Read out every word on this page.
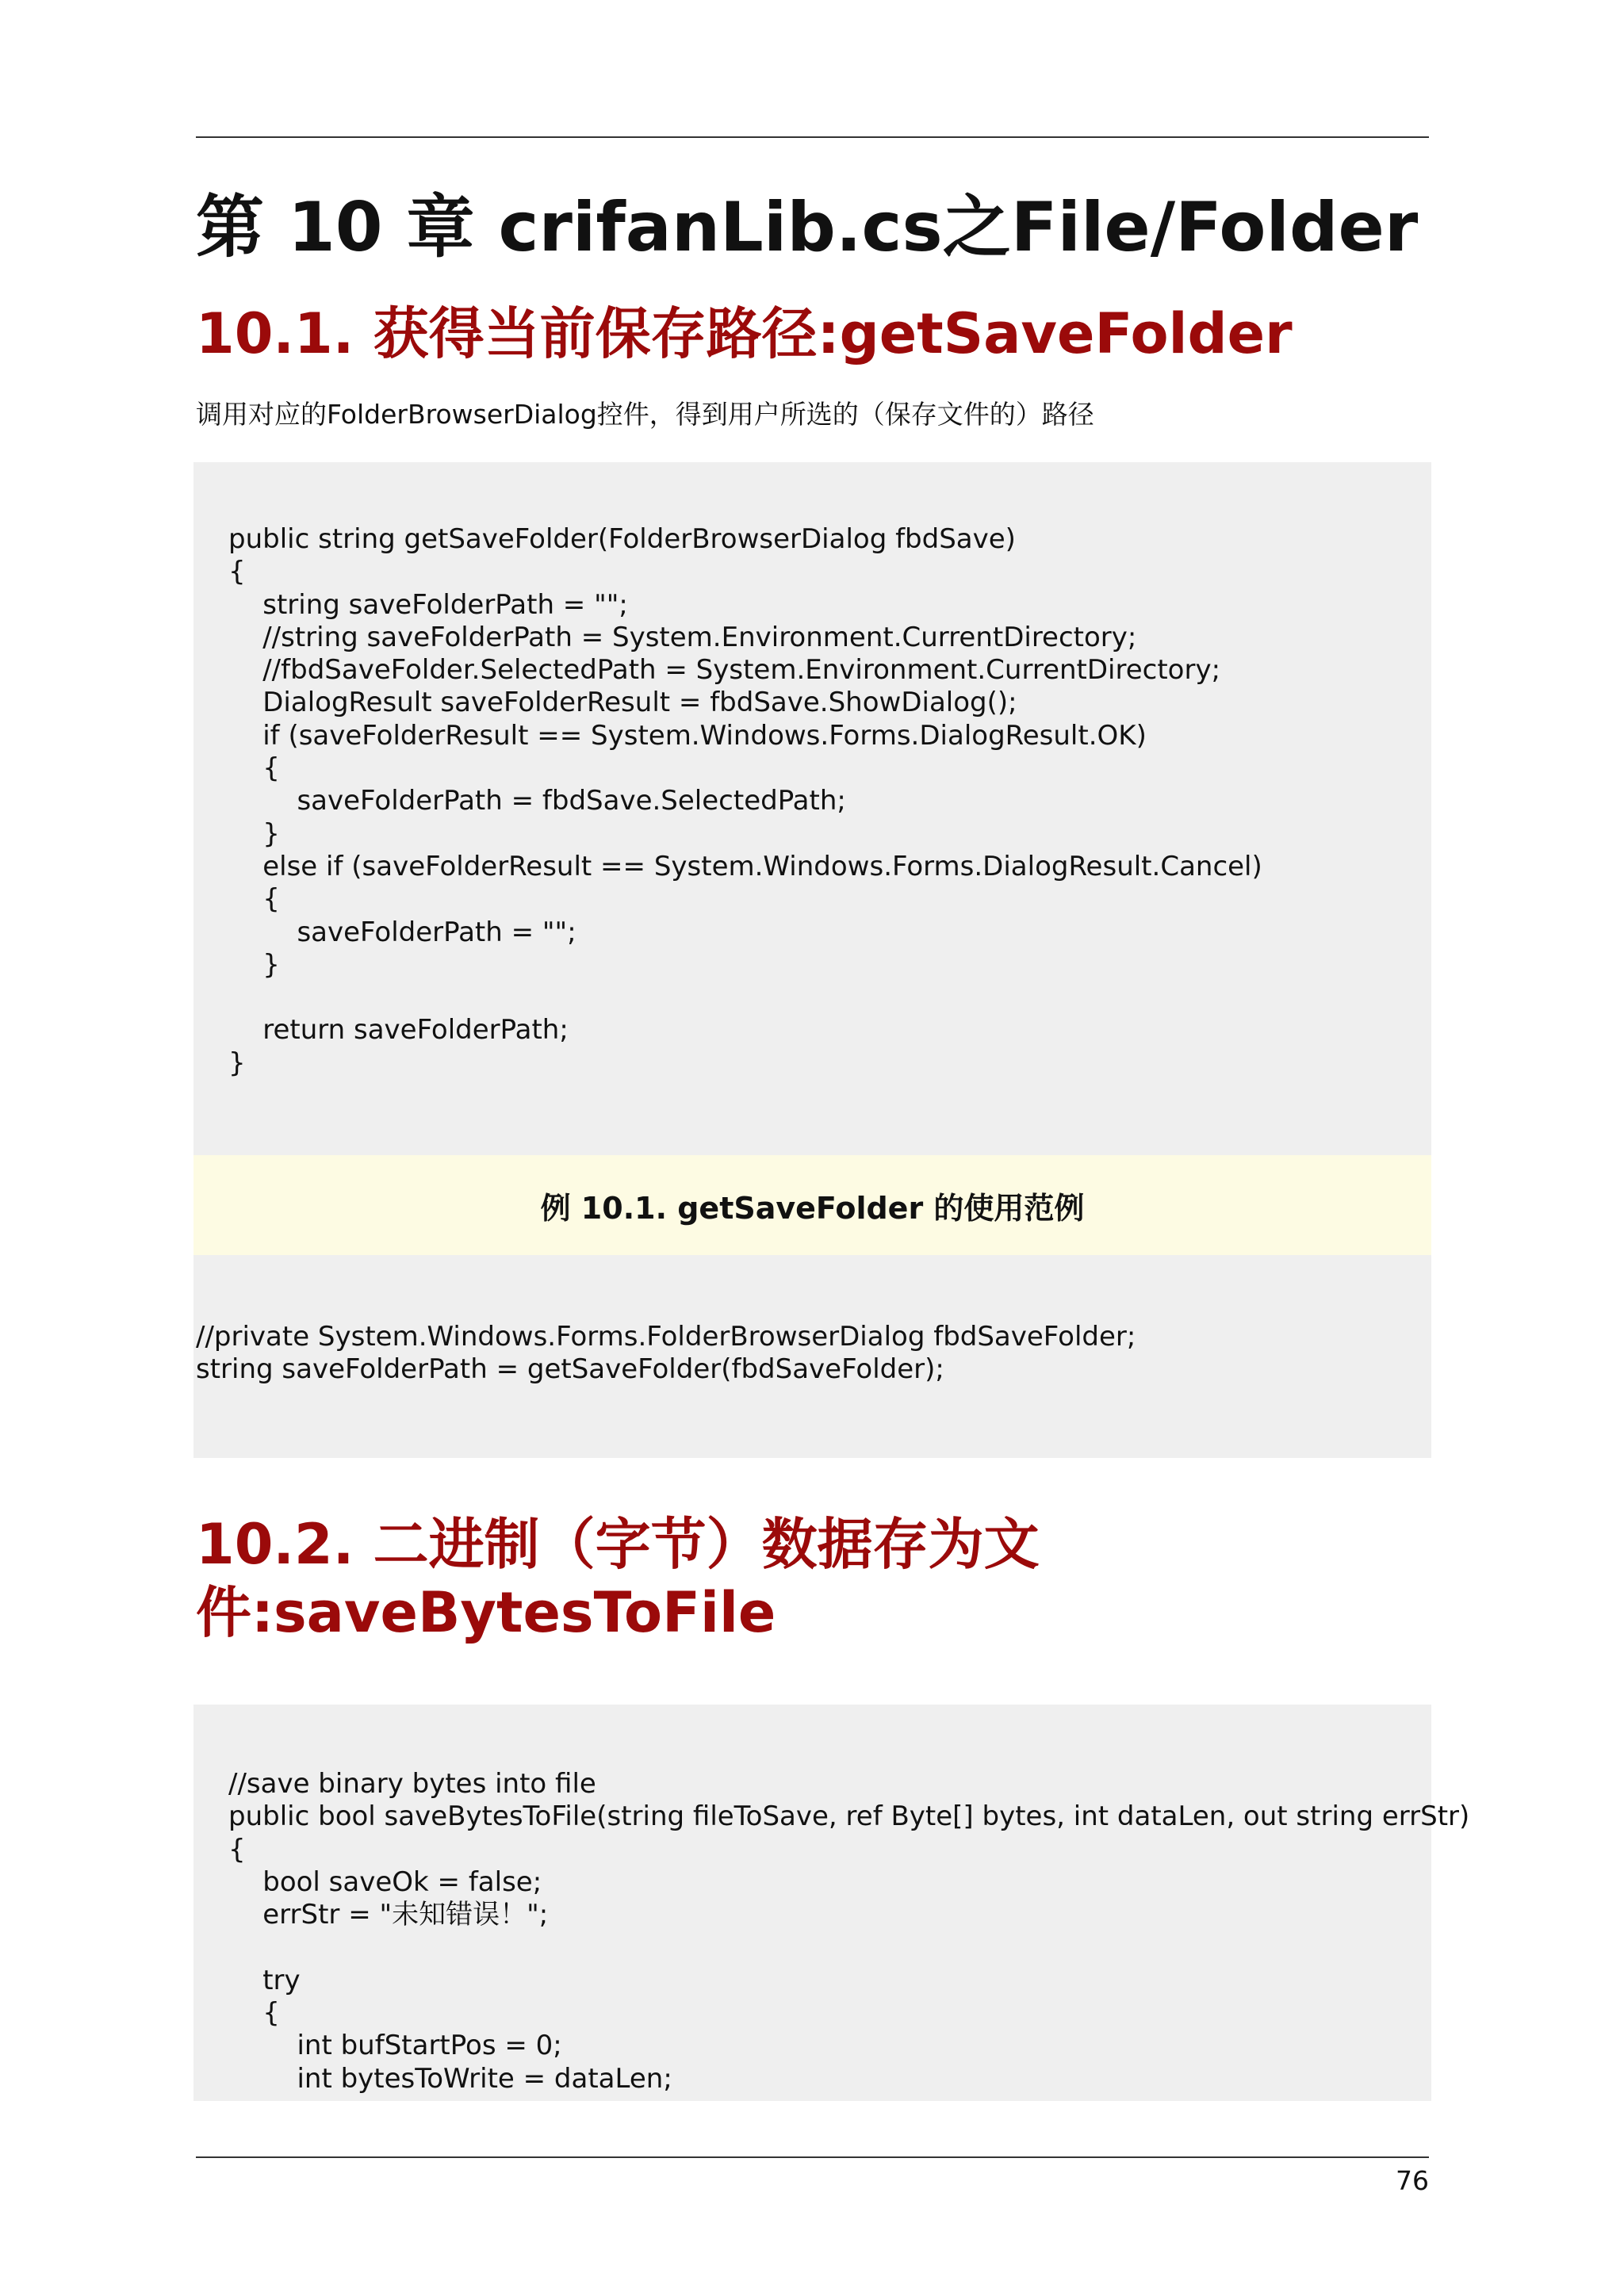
第 10 章 crifanLib.cs之File/Folder
10.1. 获得当前保存路径:getSaveFolder

调用对应的FolderBrowserDialog控件，得到用户所选的（保存文件的）路径

public string getSaveFolder(FolderBrowserDialog fbdSave)
{
string saveFolderPath = "";
//string saveFolderPath = System.Environment.CurrentDirectory;
//fbdSaveFolder.SelectedPath = System.Environment.CurrentDirectory;
DialogResult saveFolderResult = fbdSave.ShowDialog();
if (saveFolderResult == System.Windows.Forms.DialogResult.OK)
{
saveFolderPath = fbdSave.SelectedPath;
}
else if (saveFolderResult == System.Windows.Forms.DialogResult.Cancel)
{
saveFolderPath = "";
}
return saveFolderPath;
}
例 10.1. getSaveFolder 的使用范例
//private System.Windows.Forms.FolderBrowserDialog fbdSaveFolder;
string saveFolderPath = getSaveFolder(fbdSaveFolder);
10.2. 二进制（字节）数据存为文件:saveBytesToFile
//save binary bytes into file
public bool saveBytesToFile(string fileToSave, ref Byte[] bytes, int dataLen, out string errStr)
{
bool saveOk = false;
errStr = "未知错误！";
try
{
int bufStartPos = 0;
int bytesToWrite = dataLen;
76
